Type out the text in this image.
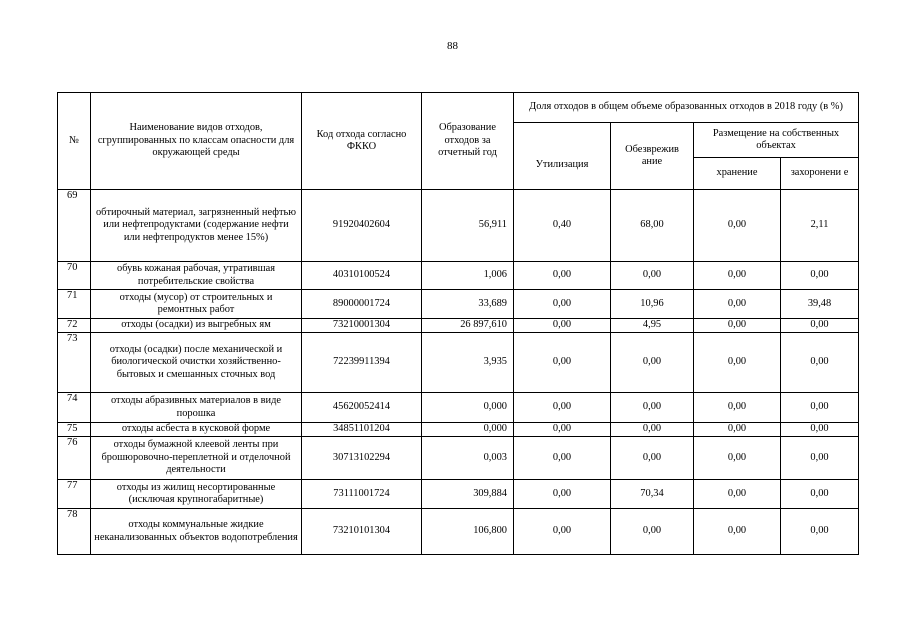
88
№	Наименование видов отходов, сгруппированных по классам опасности для окружающей среды	Код отхода согласно ФККО	Образование отходов за отчетный год	Доля отходов в общем объеме образованных отходов в 2018 году (в %)			
				Утилизация	Обезврежив ание	Размещение на собственных объектах	
						хранение	захоронени е
69	обтирочный материал, загрязненный нефтью или нефтепродуктами (содержание нефти или нефтепродуктов менее 15%)	91920402604	56,911	0,40	68,00	0,00	2,11
70	обувь кожаная рабочая, утратившая потребительские свойства	40310100524	1,006	0,00	0,00	0,00	0,00
71	отходы (мусор) от строительных и ремонтных работ	89000001724	33,689	0,00	10,96	0,00	39,48
72	отходы (осадки) из выгребных ям	73210001304	26 897,610	0,00	4,95	0,00	0,00
73	отходы (осадки) после механической и биологической очистки хозяйственно-бытовых и смешанных сточных вод	72239911394	3,935	0,00	0,00	0,00	0,00
74	отходы абразивных материалов в виде порошка	45620052414	0,000	0,00	0,00	0,00	0,00
75	отходы асбеста в кусковой форме	34851101204	0,000	0,00	0,00	0,00	0,00
76	отходы бумажной клеевой ленты при брошюровочно-переплетной и отделочной деятельности	30713102294	0,003	0,00	0,00	0,00	0,00
77	отходы из жилищ несортированные (исключая крупногабаритные)	73111001724	309,884	0,00	70,34	0,00	0,00
78	отходы коммунальные жидкие неканализованных объектов водопотребления	73210101304	106,800	0,00	0,00	0,00	0,00
